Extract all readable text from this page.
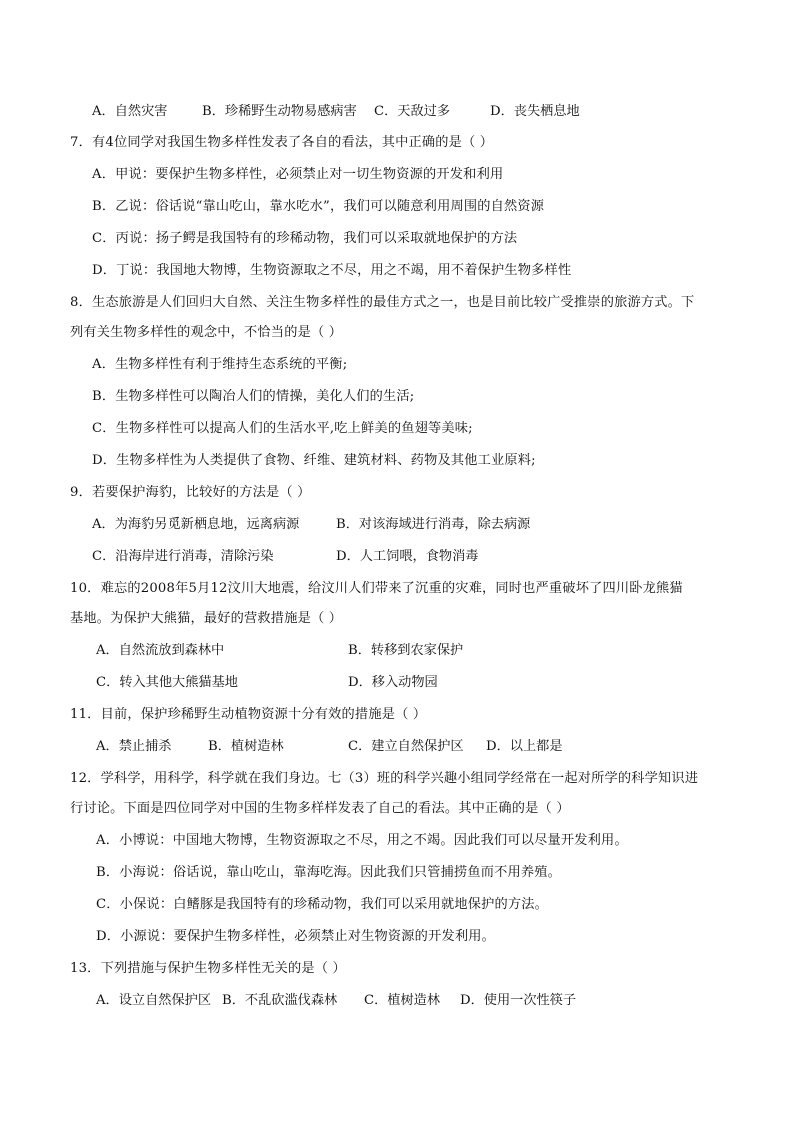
A．自然灾害	B．珍稀野生动物易感病害 C．天敌过多	D．丧失栖息地
7．有4位同学对我国生物多样性发表了各自的看法，其中正确的是（ ）
A．甲说：要保护生物多样性，必须禁止对一切生物资源的开发和利用
B．乙说：俗话说“靠山吃山，靠水吃水”，我们可以随意利用周围的自然资源
C．丙说：扬子鳄是我国特有的珍稀动物，我们可以采取就地保护的方法
D．丁说：我国地大物博，生物资源取之不尽，用之不竭，用不着保护生物多样性
8．生态旅游是人们回归大自然、关注生物多样性的最佳方式之一，也是目前比较广受推崇的旅游方式。下
列有关生物多样性的观念中，不恰当的是（ ）
A．生物多样性有利于维持生态系统的平衡;
B．生物多样性可以陶冶人们的情操，美化人们的生活;
C．生物多样性可以提高人们的生活水平,吃上鲜美的鱼翅等美味;
D．生物多样性为人类提供了食物、纤维、建筑材料、药物及其他工业原料;
9．若要保护海豹，比较好的方法是（ ）
A．为海豹另觅新栖息地，远离病源	B．对该海域进行消毒，除去病源
C．沿海岸进行消毒，清除污染	D．人工饲喂，食物消毒
10．难忘的2008年5月12汶川大地震，给汶川人们带来了沉重的灾难，同时也严重破坏了四川卧龙熊猫
基地。为保护大熊猫，最好的营救措施是（ ）
A．自然流放到森林中	B．转移到农家保护
C．转入其他大熊猫基地	D．移入动物园
11．目前，保护珍稀野生动植物资源十分有效的措施是（ ）
A．禁止捕杀	B．植树造林	C．建立自然保护区 D．以上都是
12．学科学，用科学，科学就在我们身边。七（3）班的科学兴趣小组同学经常在一起对所学的科学知识进
行讨论。下面是四位同学对中国的生物多样样发表了自己的看法。其中正确的是（ ）
A．小博说：中国地大物博，生物资源取之不尽，用之不竭。因此我们可以尽量开发利用。
B．小海说：俗话说，靠山吃山，靠海吃海。因此我们只管捕捞鱼而不用养殖。
C．小保说：白鳍豚是我国特有的珍稀动物，我们可以采用就地保护的方法。
D．小源说：要保护生物多样性，必须禁止对生物资源的开发利用。
13．下列措施与保护生物多样性无关的是（ ）
A．设立自然保护区 B．不乱砍滥伐森林 C．植树造林 D．使用一次性筷子
